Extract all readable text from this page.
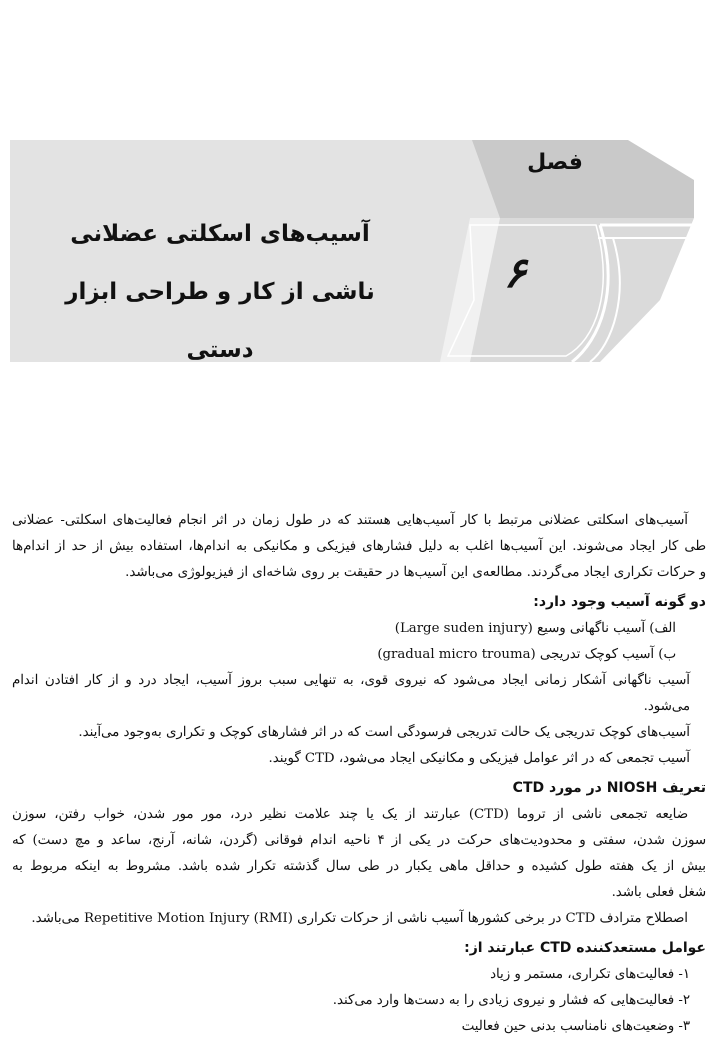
فصل
۶
آسیب‌های اسکلتی عضلانی
ناشی از کار و طراحی ابزار دستی

آسیب‌های اسکلتی عضلانی مرتبط با کار آسیب‌هایی هستند که در طول زمان در اثر انجام فعالیت‌های اسکلتی- عضلانی

طی کار ایجاد می‌شوند. این آسیب‌ها اغلب به دلیل فشارهای فیزیکی و مکانیکی به اندام‌ها، استفاده بیش از حد از اندام‌ها

و حرکات تکراری ایجاد می‌گردند. مطالعه‌ی این آسیب‌ها در حقیقت بر روی شاخه‌ای از فیزیولوژی می‌باشد.

دو گونه آسیب وجود دارد:

الف) آسیب ناگهانی وسیع (Large suden injury)

ب) آسیب کوچک تدریجی (gradual micro trouma)

آسیب ناگهانی آشکار زمانی ایجاد می‌شود که نیروی قوی، به تنهایی سبب بروز آسیب، ایجاد درد و از کار افتادن اندام می‌شود.

آسیب‌های کوچک تدریجی یک حالت تدریجی فرسودگی است که در اثر فشارهای کوچک و تکراری به‌وجود می‌آیند.

آسیب تجمعی که در اثر عوامل فیزیکی و مکانیکی ایجاد می‌شود، CTD گویند.

تعریف NIOSH در مورد CTD

ضایعه تجمعی ناشی از تروما (CTD) عبارتند از یک یا چند علامت نظیر درد، مور مور شدن، خواب رفتن، سوزن

سوزن شدن، سفتی و محدودیت‌های حرکت در یکی از ۴ ناحیه اندام فوقانی (گردن، شانه، آرنج، ساعد و مچ دست) که

بیش از یک هفته طول کشیده و حداقل ماهی یکبار در طی سال گذشته تکرار شده باشد. مشروط به اینکه مربوط به

شغل فعلی باشد.

اصطلاح مترادف CTD در برخی کشورها آسیب ناشی از حرکات تکراری (Repetitive Motion Injury (RMI می‌باشد.

عوامل مستعدکننده CTD عبارتند از:

۱- فعالیت‌های تکراری، مستمر و زیاد

۲- فعالیت‌هایی که فشار و نیروی زیادی را به دست‌ها وارد می‌کند.

۳- وضعیت‌های نامناسب بدنی حین فعالیت
